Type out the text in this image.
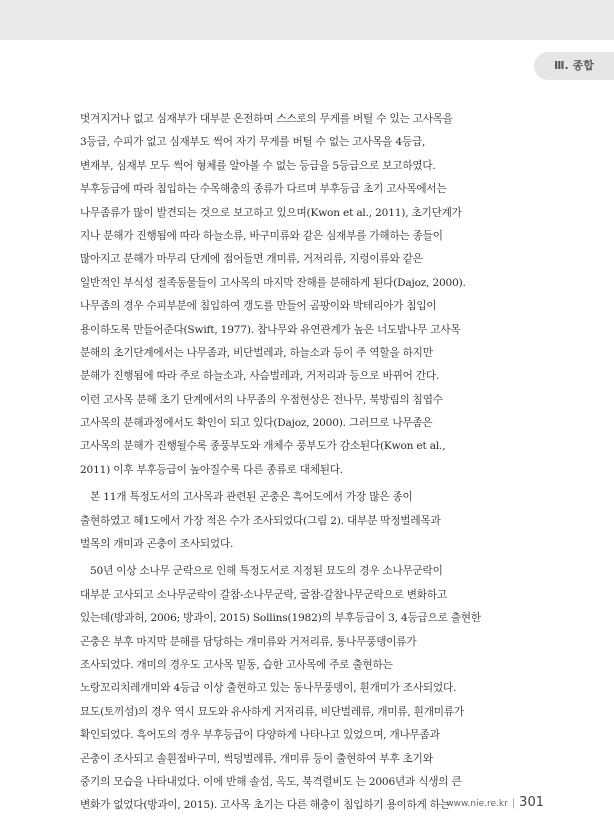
Ⅲ. 종합
벗겨지거나 없고 심재부가 대부분 온전하며 스스로의 무게를 버틸 수 있는 고사목을
3등급, 수피가 없고 심재부도 썩어 자기 무게를 버틸 수 없는 고사목을 4등급,
변재부, 심재부 모두 썩어 형체를 알아볼 수 없는 등급을 5등급으로 보고하였다.
부후등급에 따라 침입하는 수목해충의 종류가 다르며 부후등급 초기 고사목에서는
나무좀류가 많이 발견되는 것으로 보고하고 있으며(Kwon et al., 2011), 초기단계가
지나 분해가 진행됨에 따라 하늘소류, 바구미류와 같은 심재부를 가해하는 종들이
많아지고 분해가 마무리 단계에 접어들면 개미류, 거저리류, 지렁이류와 같은
일반적인 부식성 절족동물들이 고사목의 마지막 잔해를 분해하게 된다(Dajoz, 2000).
나무좀의 경우 수피부분에 침입하여 갱도를 만들어 곰팡이와 박테리아가 침입이
용이하도록 만들어준다(Swift, 1977). 참나무와 유연관계가 높은 너도밤나무 고사목
분해의 초기단계에서는 나무좀과, 비단벌레과, 하늘소과 등이 주 역할을 하지만
분해가 진행됨에 따라 주로 하늘소과, 사슴벌레과, 거저리과 등으로 바뀌어 간다.
이런 고사목 분해 초기 단계에서의 나무좀의 우점현상은 전나무, 북방림의 침엽수
고사목의 분해과정에서도 확인이 되고 있다(Dajoz, 2000). 그러므로 나무좀은
고사목의 분해가 진행될수록 종풍부도와 개체수 풍부도가 감소된다(Kwon et al.,
2011) 이후 부후등급이 높아질수록 다른 종류로 대체된다.
본 11개 특정도서의 고사목과 관련된 곤충은 흑어도에서 가장 많은 종이
출현하였고 혜1도에서 가장 적은 수가 조사되었다(그림 2). 대부분 딱정벌레목과
벌목의 개미과 곤충이 조사되었다.
50년 이상 소나무 군락으로 인해 특정도서로 지정된 묘도의 경우 소나무군락이
대부분 고사되고 소나무군락이 갈참-소나무군락, 굴참-갈참나무군락으로 변화하고
있는데(방과허, 2006; 방과이, 2015) Sollins(1982)의 부후등급이 3, 4등급으로 출현한
곤충은 부후 마지막 분해를 담당하는 개미류와 거저리류, 통나무풍뎅이류가
조사되었다. 개미의 경우도 고사목 밑동, 습한 고사목에 주로 출현하는
노랑꼬리치레개미와 4등급 이상 출현하고 있는 동나무풍뎅이, 흰개미가 조사되었다.
묘도(토끼섬)의 경우 역시 묘도와 유사하게 거저리류, 비단벌레류, 개미류, 흰개미류가
확인되었다. 흑어도의 경우 부후등급이 다양하게 나타나고 있었으며, 개나무좀과
곤충이 조사되고 솔흰점바구미, 썩덩벌레류, 개미류 등이 출현하여 부후 초기와
중기의 모습을 나타내었다. 이에 반해 솔섬, 옥도, 북격렬비도 는 2006년과 식생의 큰
변화가 없었다(방과이, 2015). 고사목 초기는 다른 해충이 침입하기 용이하게 하는
www.nie.re.kr | 301
